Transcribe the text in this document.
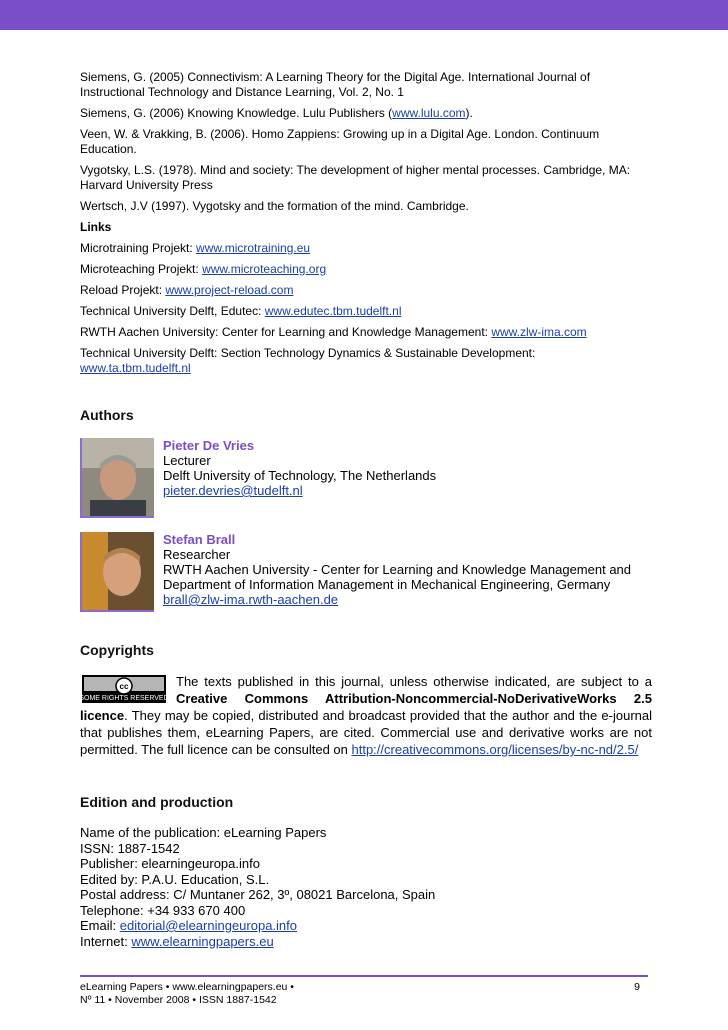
Siemens, G. (2005) Connectivism: A Learning Theory for the Digital Age. International Journal of Instructional Technology and Distance Learning, Vol. 2, No. 1

Siemens, G. (2006) Knowing Knowledge. Lulu Publishers (www.lulu.com).

Veen, W. & Vrakking, B. (2006). Homo Zappiens: Growing up in a Digital Age. London. Continuum Education.

Vygotsky, L.S. (1978). Mind and society: The development of higher mental processes. Cambridge, MA: Harvard University Press

Wertsch, J.V (1997). Vygotsky and the formation of the mind. Cambridge.

Links
Microtraining Projekt: www.microtraining.eu
Microteaching Projekt: www.microteaching.org
Reload Projekt: www.project-reload.com
Technical University Delft, Edutec: www.edutec.tbm.tudelft.nl
RWTH Aachen University: Center for Learning and Knowledge Management: www.zlw-ima.com
Technical University Delft: Section Technology Dynamics & Sustainable Development:
www.ta.tbm.tudelft.nl
Authors
Pieter De Vries
Lecturer
Delft University of Technology, The Netherlands
pieter.devries@tudelft.nl
Stefan Brall
Researcher
RWTH Aachen University - Center for Learning and Knowledge Management and
Department of Information Management in Mechanical Engineering, Germany
brall@zlw-ima.rwth-aachen.de
Copyrights
cc
SOME RIGHTS RESERVED
The texts published in this journal, unless otherwise indicated, are subject to a Creative Commons Attribution-Noncommercial-NoDerivativeWorks 2.5 licence. They may be copied, distributed and broadcast provided that the author and the e-journal that publishes them, eLearning Papers, are cited. Commercial use and derivative works are not permitted. The full licence can be consulted on http://creativecommons.org/licenses/by-nc-nd/2.5/
Edition and production
Name of the publication: eLearning Papers
ISSN: 1887-1542
Publisher: elearningeuropa.info
Edited by: P.A.U. Education, S.L.
Postal address: C/ Muntaner 262, 3º, 08021 Barcelona, Spain
Telephone: +34 933 670 400
Email: editorial@elearningeuropa.info
Internet: www.elearningpapers.eu
eLearning Papers • www.elearningpapers.eu •
Nº 11 • November 2008 • ISSN 1887-1542
9
